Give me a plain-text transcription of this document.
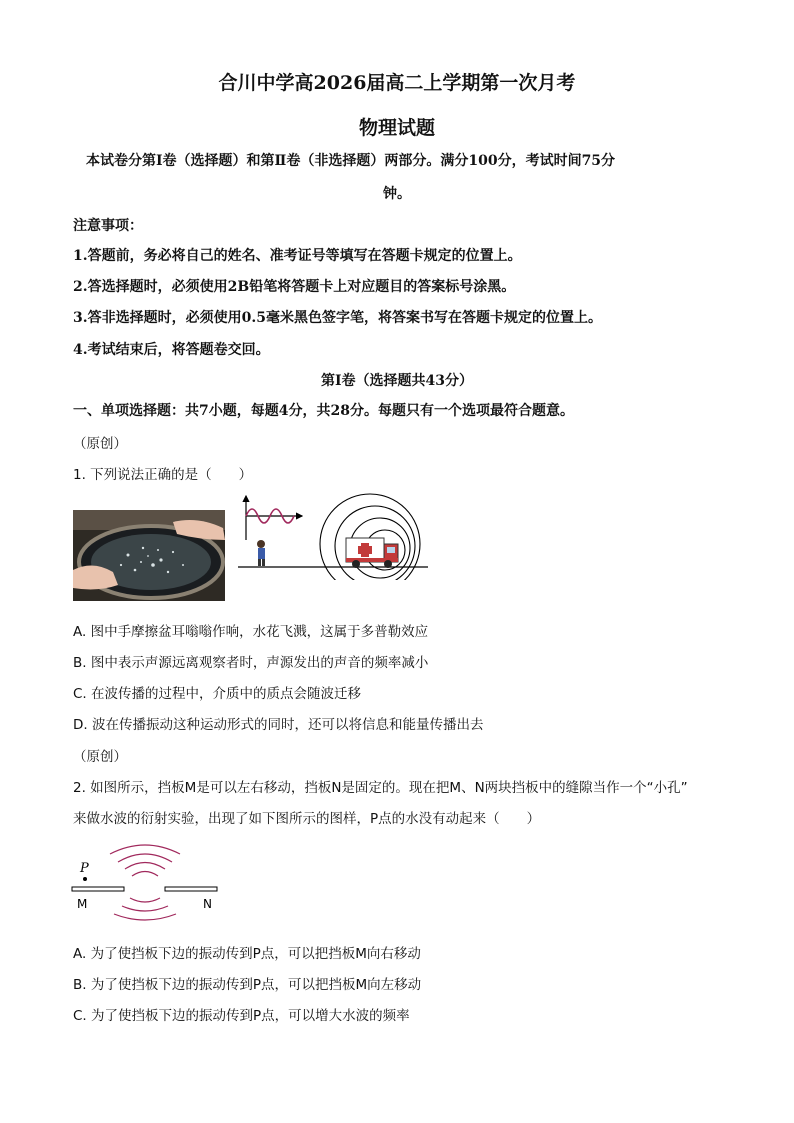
合川中学高2026届高二上学期第一次月考
物理试题
本试卷分第Ⅰ卷（选择题）和第Ⅱ卷（非选择题）两部分。满分100分，考试时间75分
钟。
注意事项：
1.答题前，务必将自己的姓名、准考证号等填写在答题卡规定的位置上。
2.答选择题时，必须使用2B铅笔将答题卡上对应题目的答案标号涂黑。
3.答非选择题时，必须使用0.5毫米黑色签字笔，将答案书写在答题卡规定的位置上。
4.考试结束后，将答题卷交回。
第Ⅰ卷（选择题共43分）
一、单项选择题：共7小题，每题4分，共28分。每题只有一个选项最符合题意。
（原创）
1. 下列说法正确的是（　　）
A. 图中手摩擦盆耳嗡嗡作响，水花飞溅，这属于多普勒效应
B. 图中表示声源远离观察者时，声源发出的声音的频率减小
C. 在波传播的过程中，介质中的质点会随波迁移
D. 波在传播振动这种运动形式的同时，还可以将信息和能量传播出去
（原创）
2. 如图所示，挡板M是可以左右移动，挡板N是固定的。现在把M、N两块挡板中的缝隙当作一个“小孔”
来做水波的衍射实验，出现了如下图所示的图样，P点的水没有动起来（　　）
P
M	N
A. 为了使挡板下边的振动传到P点，可以把挡板M向右移动
B. 为了使挡板下边的振动传到P点，可以把挡板M向左移动
C. 为了使挡板下边的振动传到P点，可以增大水波的频率
